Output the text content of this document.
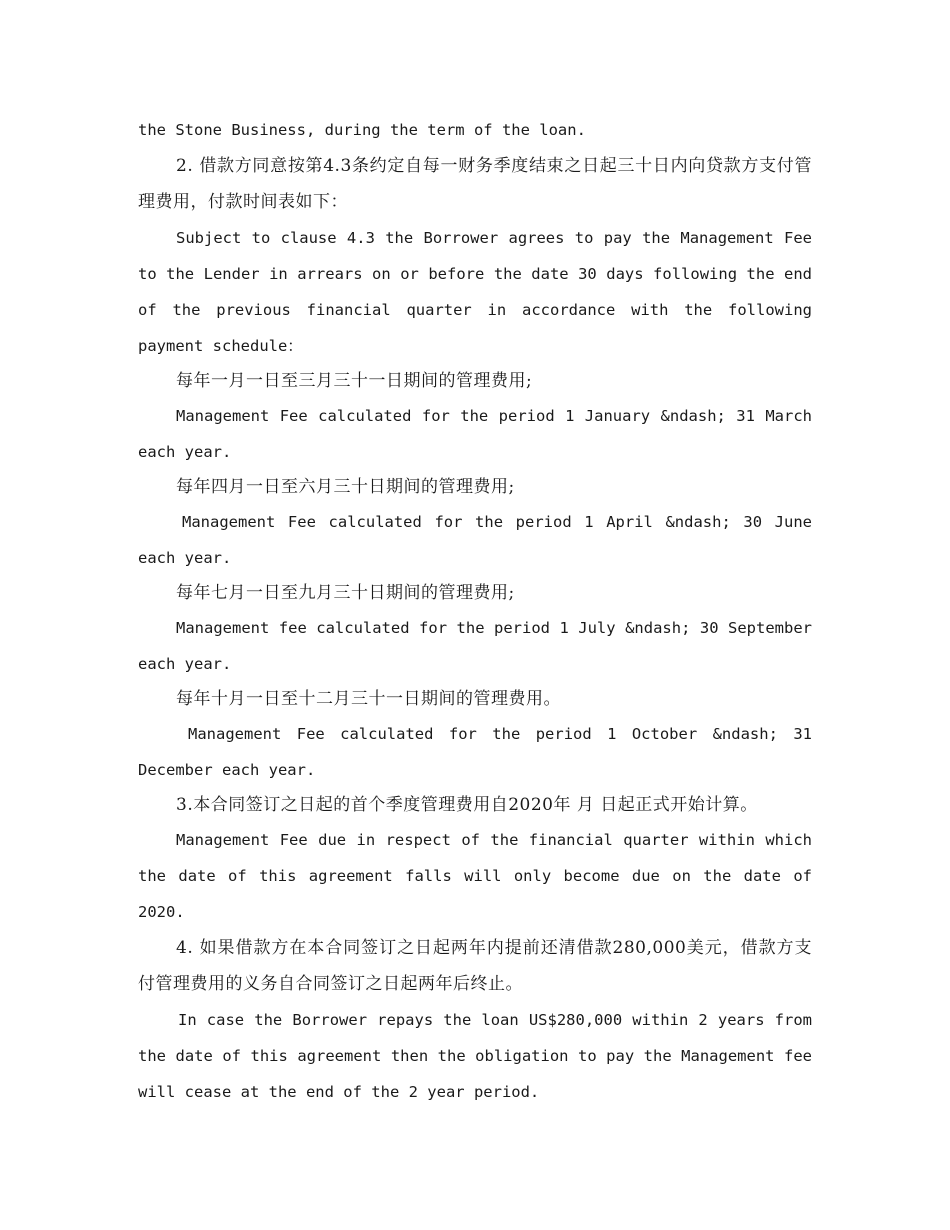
the Stone Business, during the term of the loan.

2. 借款方同意按第4.3条约定自每一财务季度结束之日起三十日内向贷款方支付管理费用，付款时间表如下：

Subject to clause 4.3 the Borrower agrees to pay the Management Fee to the Lender in arrears on or before the date 30 days following the end of the previous financial quarter in accordance with the following payment schedule：

每年一月一日至三月三十一日期间的管理费用;

Management Fee calculated for the period 1 January &ndash; 31 March each year.

每年四月一日至六月三十日期间的管理费用;

Management Fee calculated for the period 1 April &ndash; 30 June each year.

每年七月一日至九月三十日期间的管理费用;

Management fee calculated for the period 1 July &ndash; 30 September each year.

每年十月一日至十二月三十一日期间的管理费用。

Management Fee calculated for the period 1 October &ndash; 31 December each year.

3.本合同签订之日起的首个季度管理费用自2020年 月 日起正式开始计算。

Management Fee due in respect of the financial quarter within which the date of this agreement falls will only become due on the date of 2020.

4. 如果借款方在本合同签订之日起两年内提前还清借款280,000美元，借款方支付管理费用的义务自合同签订之日起两年后终止。

In case the Borrower repays the loan US$280,000 within 2 years from the date of this agreement then the obligation to pay the Management fee will cease at the end of the 2 year period.
